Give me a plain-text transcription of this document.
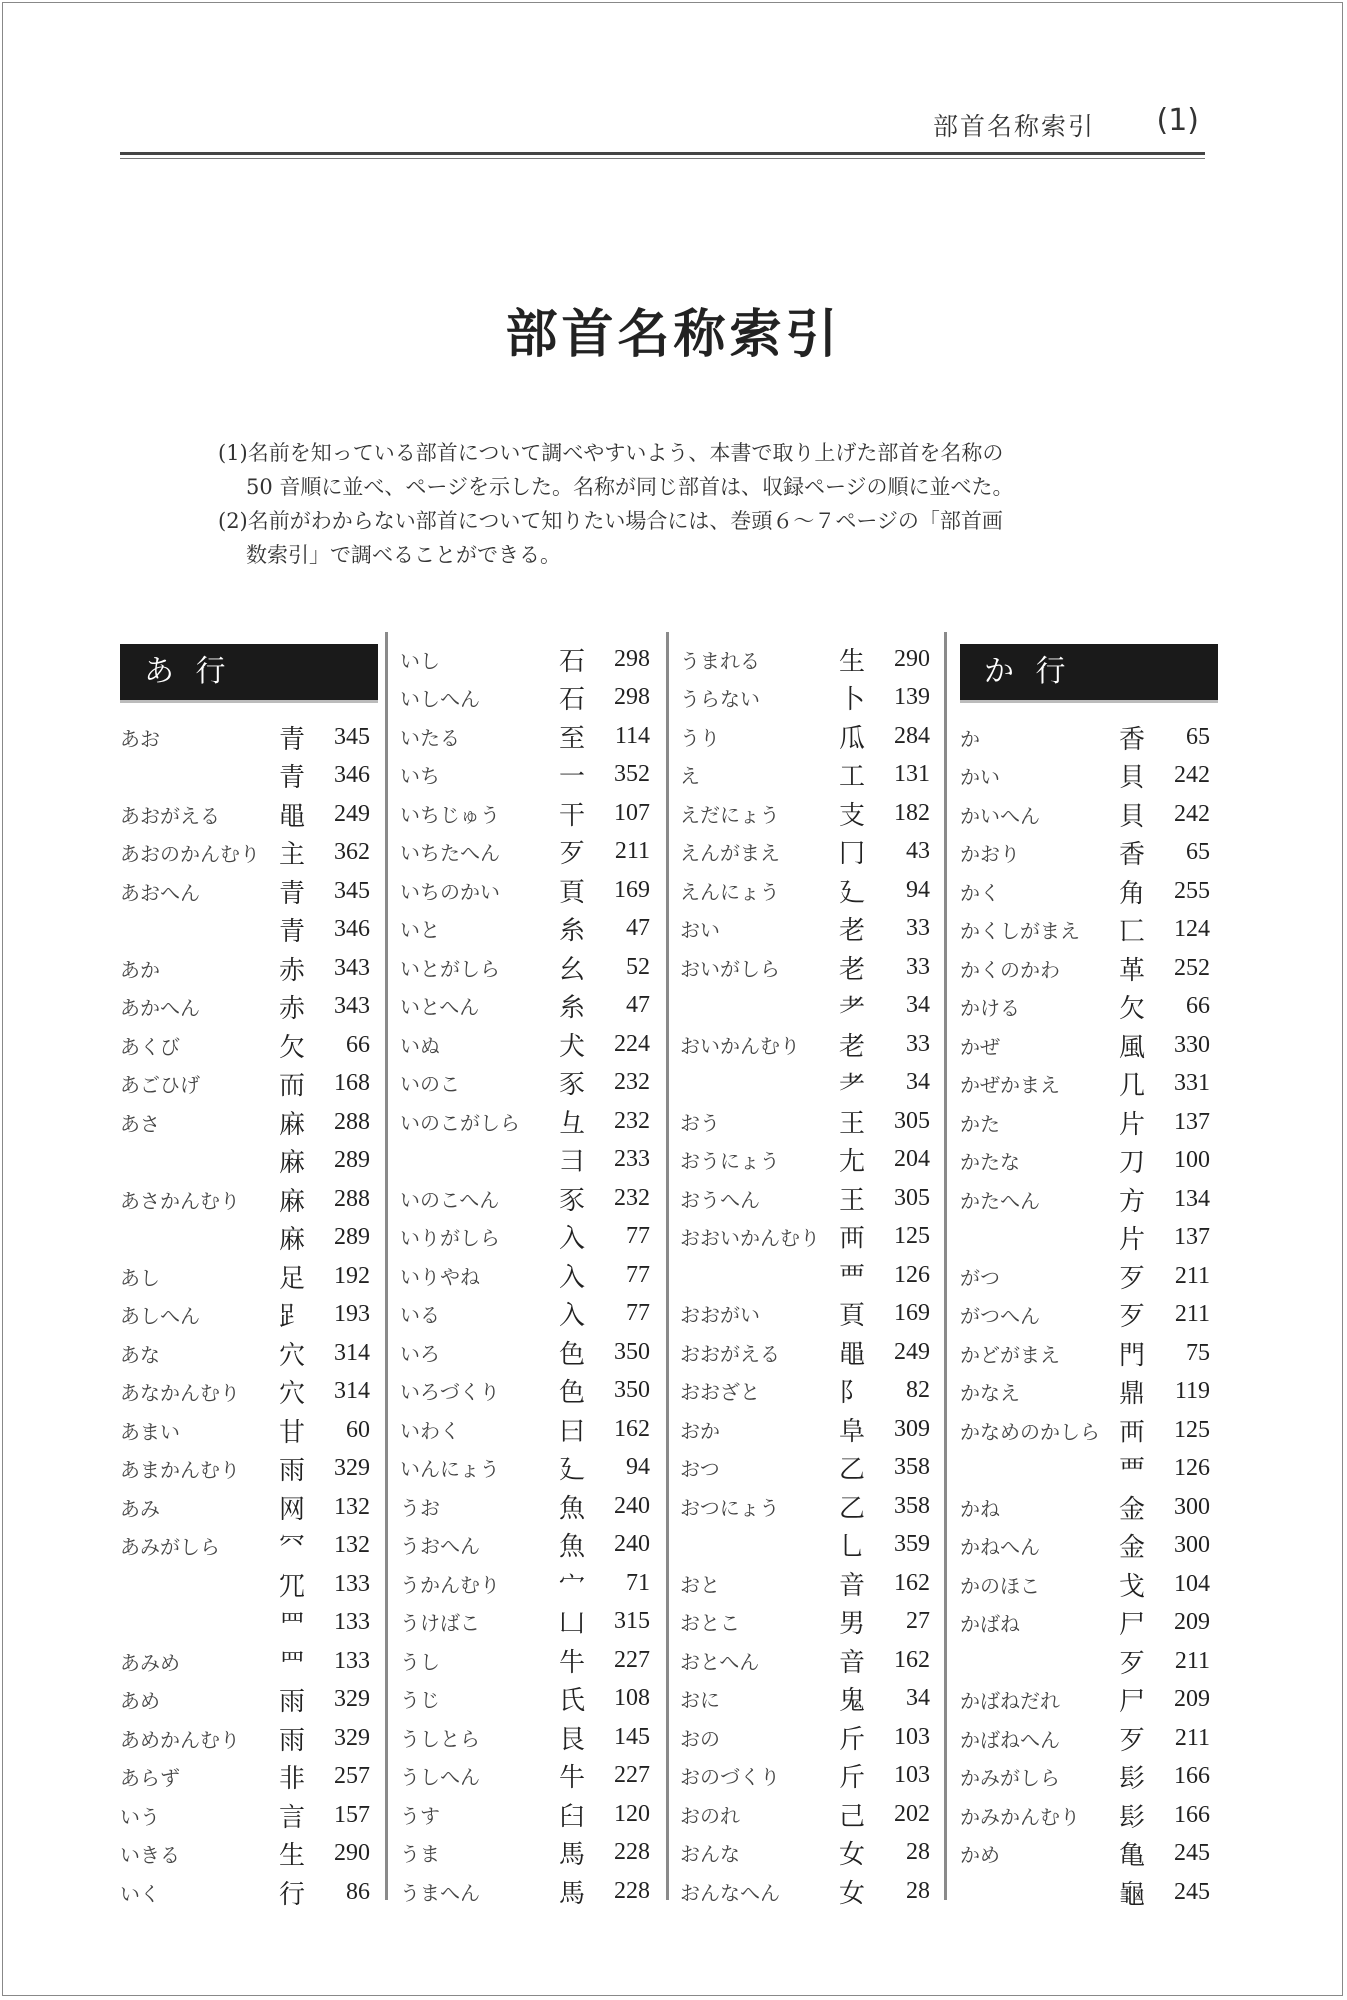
部首名称索引 (1)
部首名称索引
(1)名前を知っている部首について調べやすいよう、本書で取り上げた部首を名称の
50 音順に並べ、ページを示した。名称が同じ部首は、収録ページの順に並べた。
(2)名前がわからない部首について知りたい場合には、巻頭６～７ページの「部首画
数索引」で調べることができる。
あ 行
あお	青	345
青	346
あおがえる	黽	249
あおのかんむり 主	362
あおへん	青	345
青	346
あか	赤	343
あかへん	赤	343
あくび	欠	66
あごひげ	而	168
あさ	麻	288
麻	289
あさかんむり	麻	288
麻	289
あし	足	192
あしへん	𧾷	193
あな	穴	314
あなかんむり	穴	314
あまい	甘	60
あまかんむり	雨	329
あみ	网	132
あみがしら	⺳	132
⺴	133
罒	133
あみめ	罒	133
あめ	雨	329
あめかんむり	雨	329
あらず	非	257
いう	言	157
いきる	生	290
いく	行	86
いし	石	298
いしへん	石	298
いたる	至	114
いち	一	352
いちじゅう	干	107
いちたへん	歹	211
いちのかい	頁	169
いと	糸	47
いとがしら	幺	52
いとへん	糸	47
いぬ	犬	224
いのこ	豕	232
いのこがしら	彑	232
彐	233
いのこへん	豕	232
いりがしら	入	77
いりやね	入	77
いる	入	77
いろ	色	350
いろづくり	色	350
いわく	曰	162
いんにょう	廴	94
うお	魚	240
うおへん	魚	240
うかんむり	宀	71
うけばこ	凵	315
うし	牛	227
うじ	氏	108
うしとら	艮	145
うしへん	牛	227
うす	臼	120
うま	馬	228
うまへん	馬	228
うまれる	生	290
うらない	卜	139
うり	瓜	284
え	工	131
えだにょう	支	182
えんがまえ	冂	43
えんにょう	廴	94
おい	老	33
おいがしら	老	33
耂	34
おいかんむり	老	33
耂	34
おう	王	305
おうにょう	尢	204
おうへん	王	305
おおいかんむり 襾	125
覀	126
おおがい	頁	169
おおがえる	黽	249
おおざと	阝	82
おか	阜	309
おつ	乙	358
おつにょう	乙	358
乚	359
おと	音	162
おとこ	男	27
おとへん	音	162
おに	鬼	34
おの	斤	103
おのづくり	斤	103
おのれ	己	202
おんな	女	28
おんなへん	女	28
か 行
か	香	65
かい	貝	242
かいへん	貝	242
かおり	香	65
かく	角	255
かくしがまえ	匸	124
かくのかわ	革	252
かける	欠	66
かぜ	風	330
かぜかまえ	几	331
かた	片	137
かたな	刀	100
かたへん	方	134
片	137
がつ	歹	211
がつへん	歹	211
かどがまえ	門	75
かなえ	鼎	119
かなめのかしら 襾	125
覀	126
かね	金	300
かねへん	金	300
かのほこ	戈	104
かばね	尸	209
歹	211
かばねだれ	尸	209
かばねへん	歹	211
かみがしら	髟	166
かみかんむり	髟	166
かめ	亀	245
龜	245
